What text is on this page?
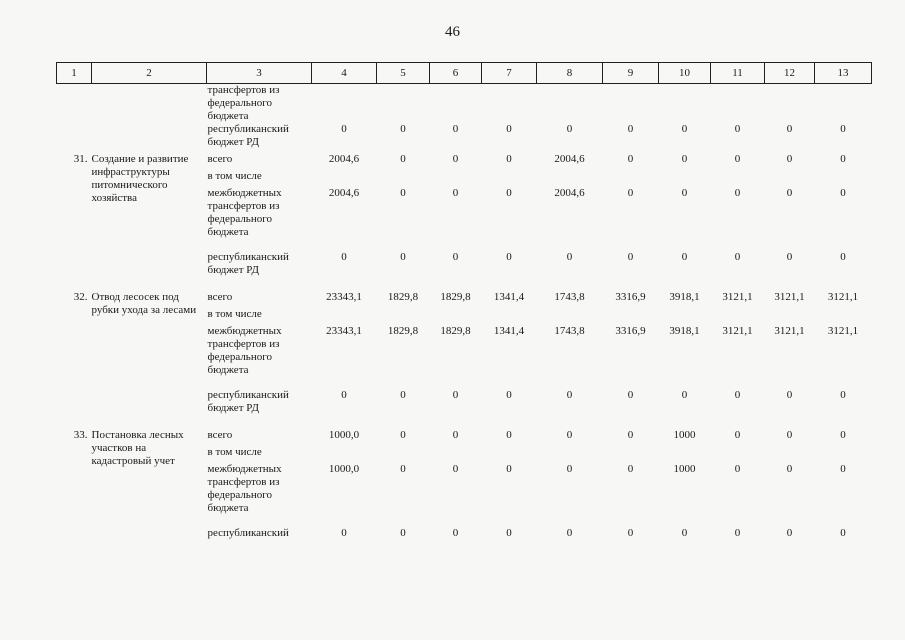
46
1	2	3	4	5	6	7	8	9	10	11	12	13
		трансфертов из федерального бюджета										
		республиканский бюджет РД	0	0	0	0	0	0	0	0	0	0

31.	Создание и развитие инфраструктуры питомнического хозяйства	всего	2004,6	0	0	0	2004,6	0	0	0	0	0
		в том числе										
		межбюджетных трансфертов из федерального бюджета	2004,6	0	0	0	2004,6	0	0	0	0	0
		республиканский бюджет РД	0	0	0	0	0	0	0	0	0	0
32.	Отвод лесосек под рубки ухода за лесами	всего	23343,1	1829,8	1829,8	1341,4	1743,8	3316,9	3918,1	3121,1	3121,1	3121,1
		в том числе										
		межбюджетных трансфертов из федерального бюджета	23343,1	1829,8	1829,8	1341,4	1743,8	3316,9	3918,1	3121,1	3121,1	3121,1
		республиканский бюджет РД	0	0	0	0	0	0	0	0	0	0
33.	Постановка лесных участков на кадастровый учет	всего	1000,0	0	0	0	0	0	1000	0	0	0
		в том числе										
		межбюджетных трансфертов из федерального бюджета	1000,0	0	0	0	0	0	1000	0	0	0
		республиканский	0	0	0	0	0	0	0	0	0	0
